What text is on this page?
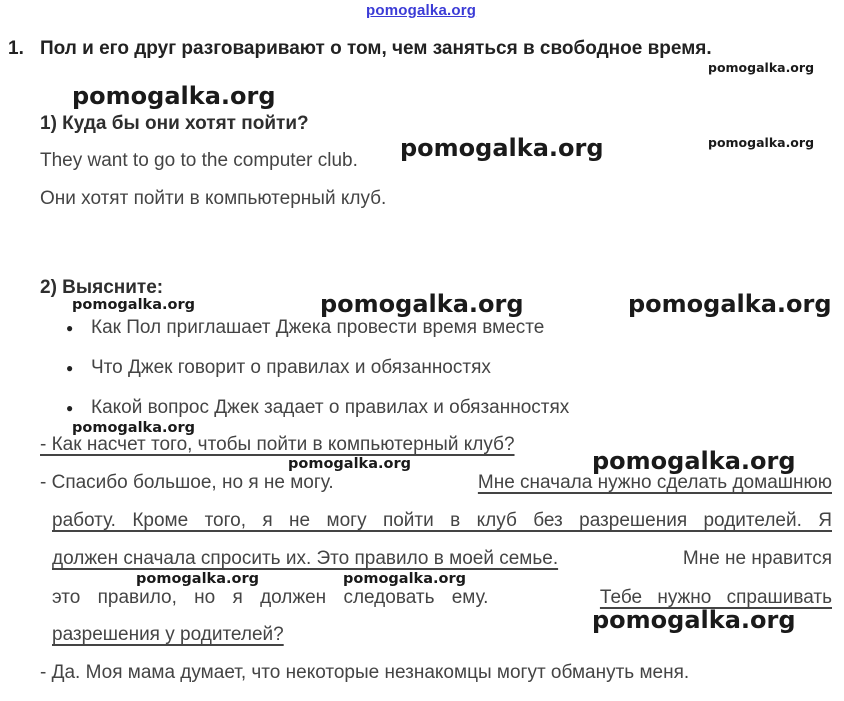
pomogalka.org
1. Пол и его друг разговаривают о том, чем заняться в свободное время.
pomogalka.org
pomogalka.org
1) Куда бы они хотят пойти?
pomogalka.org
They want to go to the computer club. pomogalka.org
Они хотят пойти в компьютерный клуб.
2) Выясните:
pomogalka.org	pomogalka.org	pomogalka.org
● Как Пол приглашает Джека провести время вместе
● Что Джек говорит о правилах и обязанностях
● Какой вопрос Джек задает о правилах и обязанностях
pomogalka.org
- Как насчет того, чтобы пойти в компьютерный клуб?
pomogalka.org	pomogalka.org
- Спасибо большое, но я не могу.	Мне сначала нужно сделать домашнюю
работу. Кроме того, я не могу пойти в клуб без разрешения родителей. Я
должен сначала спросить их. Это правило в моей семье.	Мне не нравится
pomogalka.org	pomogalka.org
это правило, но я должен следовать ему.	Тебе нужно спрашивать
pomogalka.org
разрешения у родителей?
- Да. Моя мама думает, что некоторые незнакомцы могут обмануть меня.
